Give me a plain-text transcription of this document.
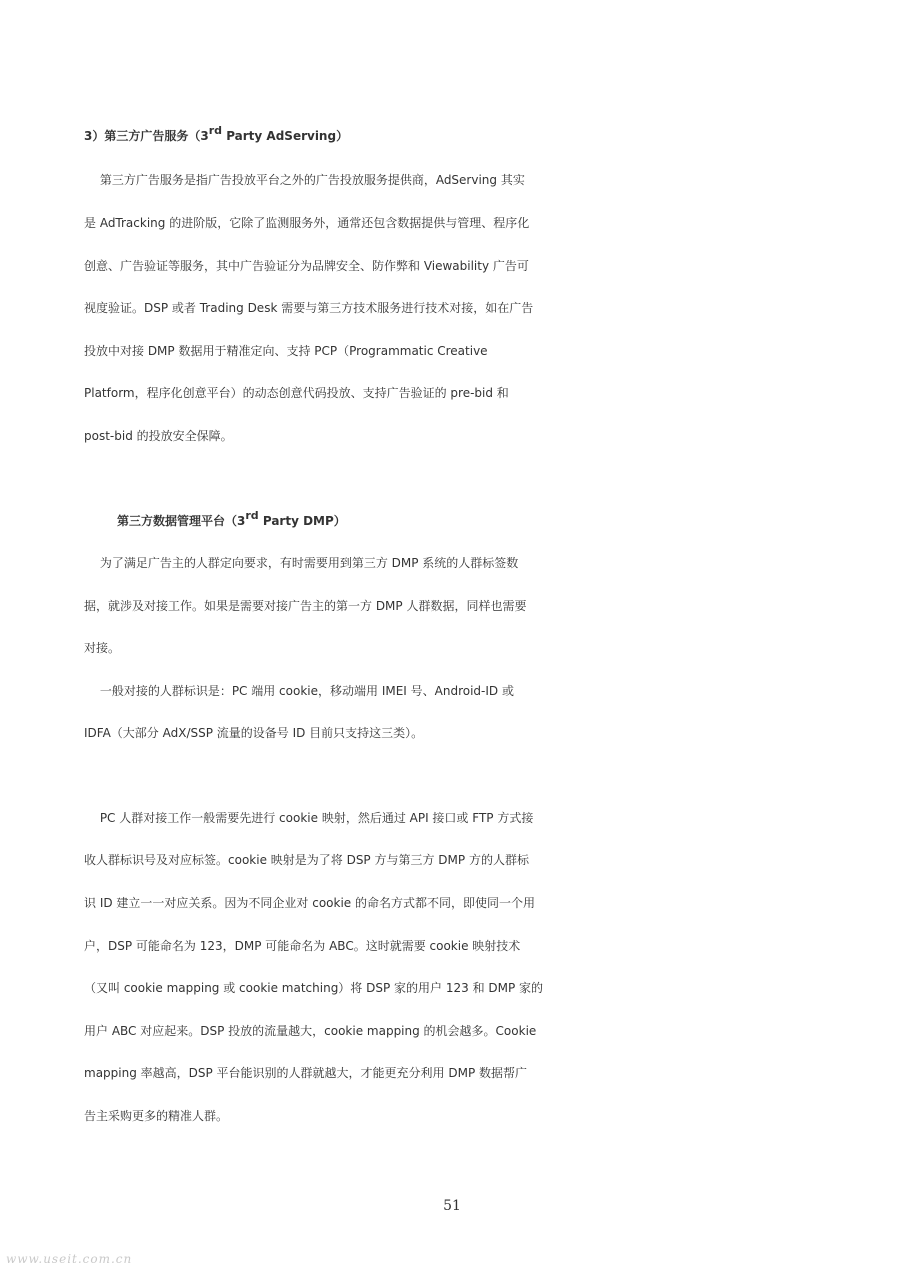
3）第三方广告服务（3rd Party AdServing）
　 第三方广告服务是指广告投放平台之外的广告投放服务提供商，AdServing 其实
是 AdTracking 的进阶版，它除了监测服务外，通常还包含数据提供与管理、程序化
创意、广告验证等服务，其中广告验证分为品牌安全、防作弊和 Viewability 广告可
视度验证。DSP 或者 Trading Desk 需要与第三方技术服务进行技术对接，如在广告
投放中对接 DMP 数据用于精准定向、支持 PCP（Programmatic Creative
Platform，程序化创意平台）的动态创意代码投放、支持广告验证的 pre-bid 和
post-bid 的投放安全保障。
第三方数据管理平台（3rd Party DMP）
　 为了满足广告主的人群定向要求，有时需要用到第三方 DMP 系统的人群标签数
据，就涉及对接工作。如果是需要对接广告主的第一方 DMP 人群数据，同样也需要
对接。
　 一般对接的人群标识是：PC 端用 cookie，移动端用 IMEI 号、Android-ID 或
IDFA（大部分 AdX/SSP 流量的设备号 ID 目前只支持这三类）。
　 PC 人群对接工作一般需要先进行 cookie 映射，然后通过 API 接口或 FTP 方式接
收人群标识号及对应标签。cookie 映射是为了将 DSP 方与第三方 DMP 方的人群标
识 ID 建立一一对应关系。因为不同企业对 cookie 的命名方式都不同，即使同一个用
户，DSP 可能命名为 123，DMP 可能命名为 ABC。这时就需要 cookie 映射技术
（又叫 cookie mapping 或 cookie matching）将 DSP 家的用户 123 和 DMP 家的
用户 ABC 对应起来。DSP 投放的流量越大，cookie mapping 的机会越多。Cookie
mapping 率越高，DSP 平台能识别的人群就越大，才能更充分利用 DMP 数据帮广
告主采购更多的精准人群。
51
www.useit.com.cn
